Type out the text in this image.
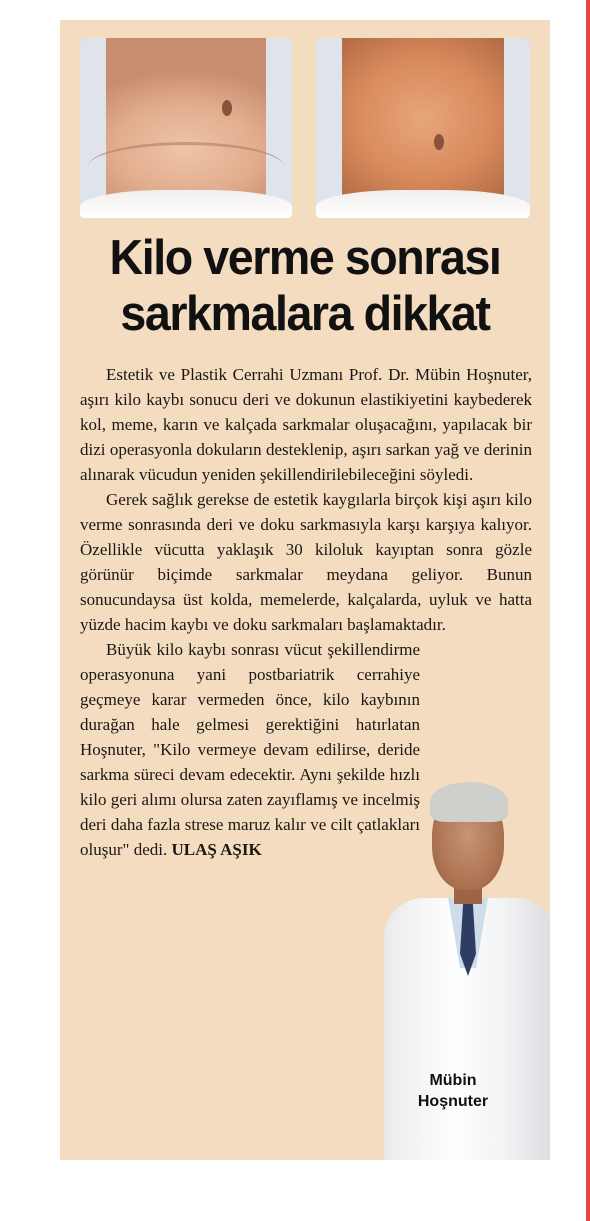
Kilo verme sonrası
sarkmalara dikkat

Estetik ve Plastik Cerrahi Uzmanı Prof. Dr. Mübin Hoşnuter, aşırı kilo kaybı sonucu deri ve dokunun elastikiyetini kaybederek kol, meme, karın ve kalçada sarkmalar oluşacağını, yapılacak bir dizi operasyonla dokuların desteklenip, aşırı sarkan yağ ve derinin alınarak vücudun yeniden şekillendirilebileceğini söyledi.

Gerek sağlık gerekse de estetik kaygılarla birçok kişi aşırı kilo verme sonrasında deri ve doku sarkmasıyla karşı karşıya kalıyor. Özellikle vücutta yaklaşık 30 kiloluk kayıptan sonra gözle görünür biçimde sarkmalar meydana geliyor. Bunun sonucundaysa üst kolda, memelerde, kalçalarda, uyluk ve hatta yüzde hacim kaybı ve doku sarkmaları başlamaktadır.

Büyük kilo kaybı sonrası vücut şekillendirme operasyonuna yani postbariatrik cerrahiye geçmeye karar vermeden önce, kilo kaybının durağan hale gelmesi gerektiğini hatırlatan Hoşnuter, "Kilo vermeye devam edilirse, deride sarkma süreci devam edecektir. Aynı şekilde hızlı kilo geri alımı olursa zaten zayıflamış ve incelmiş deri daha fazla strese maruz kalır ve cilt çatlakları oluşur" dedi. ULAŞ AŞIK

Mübin
Hoşnuter
